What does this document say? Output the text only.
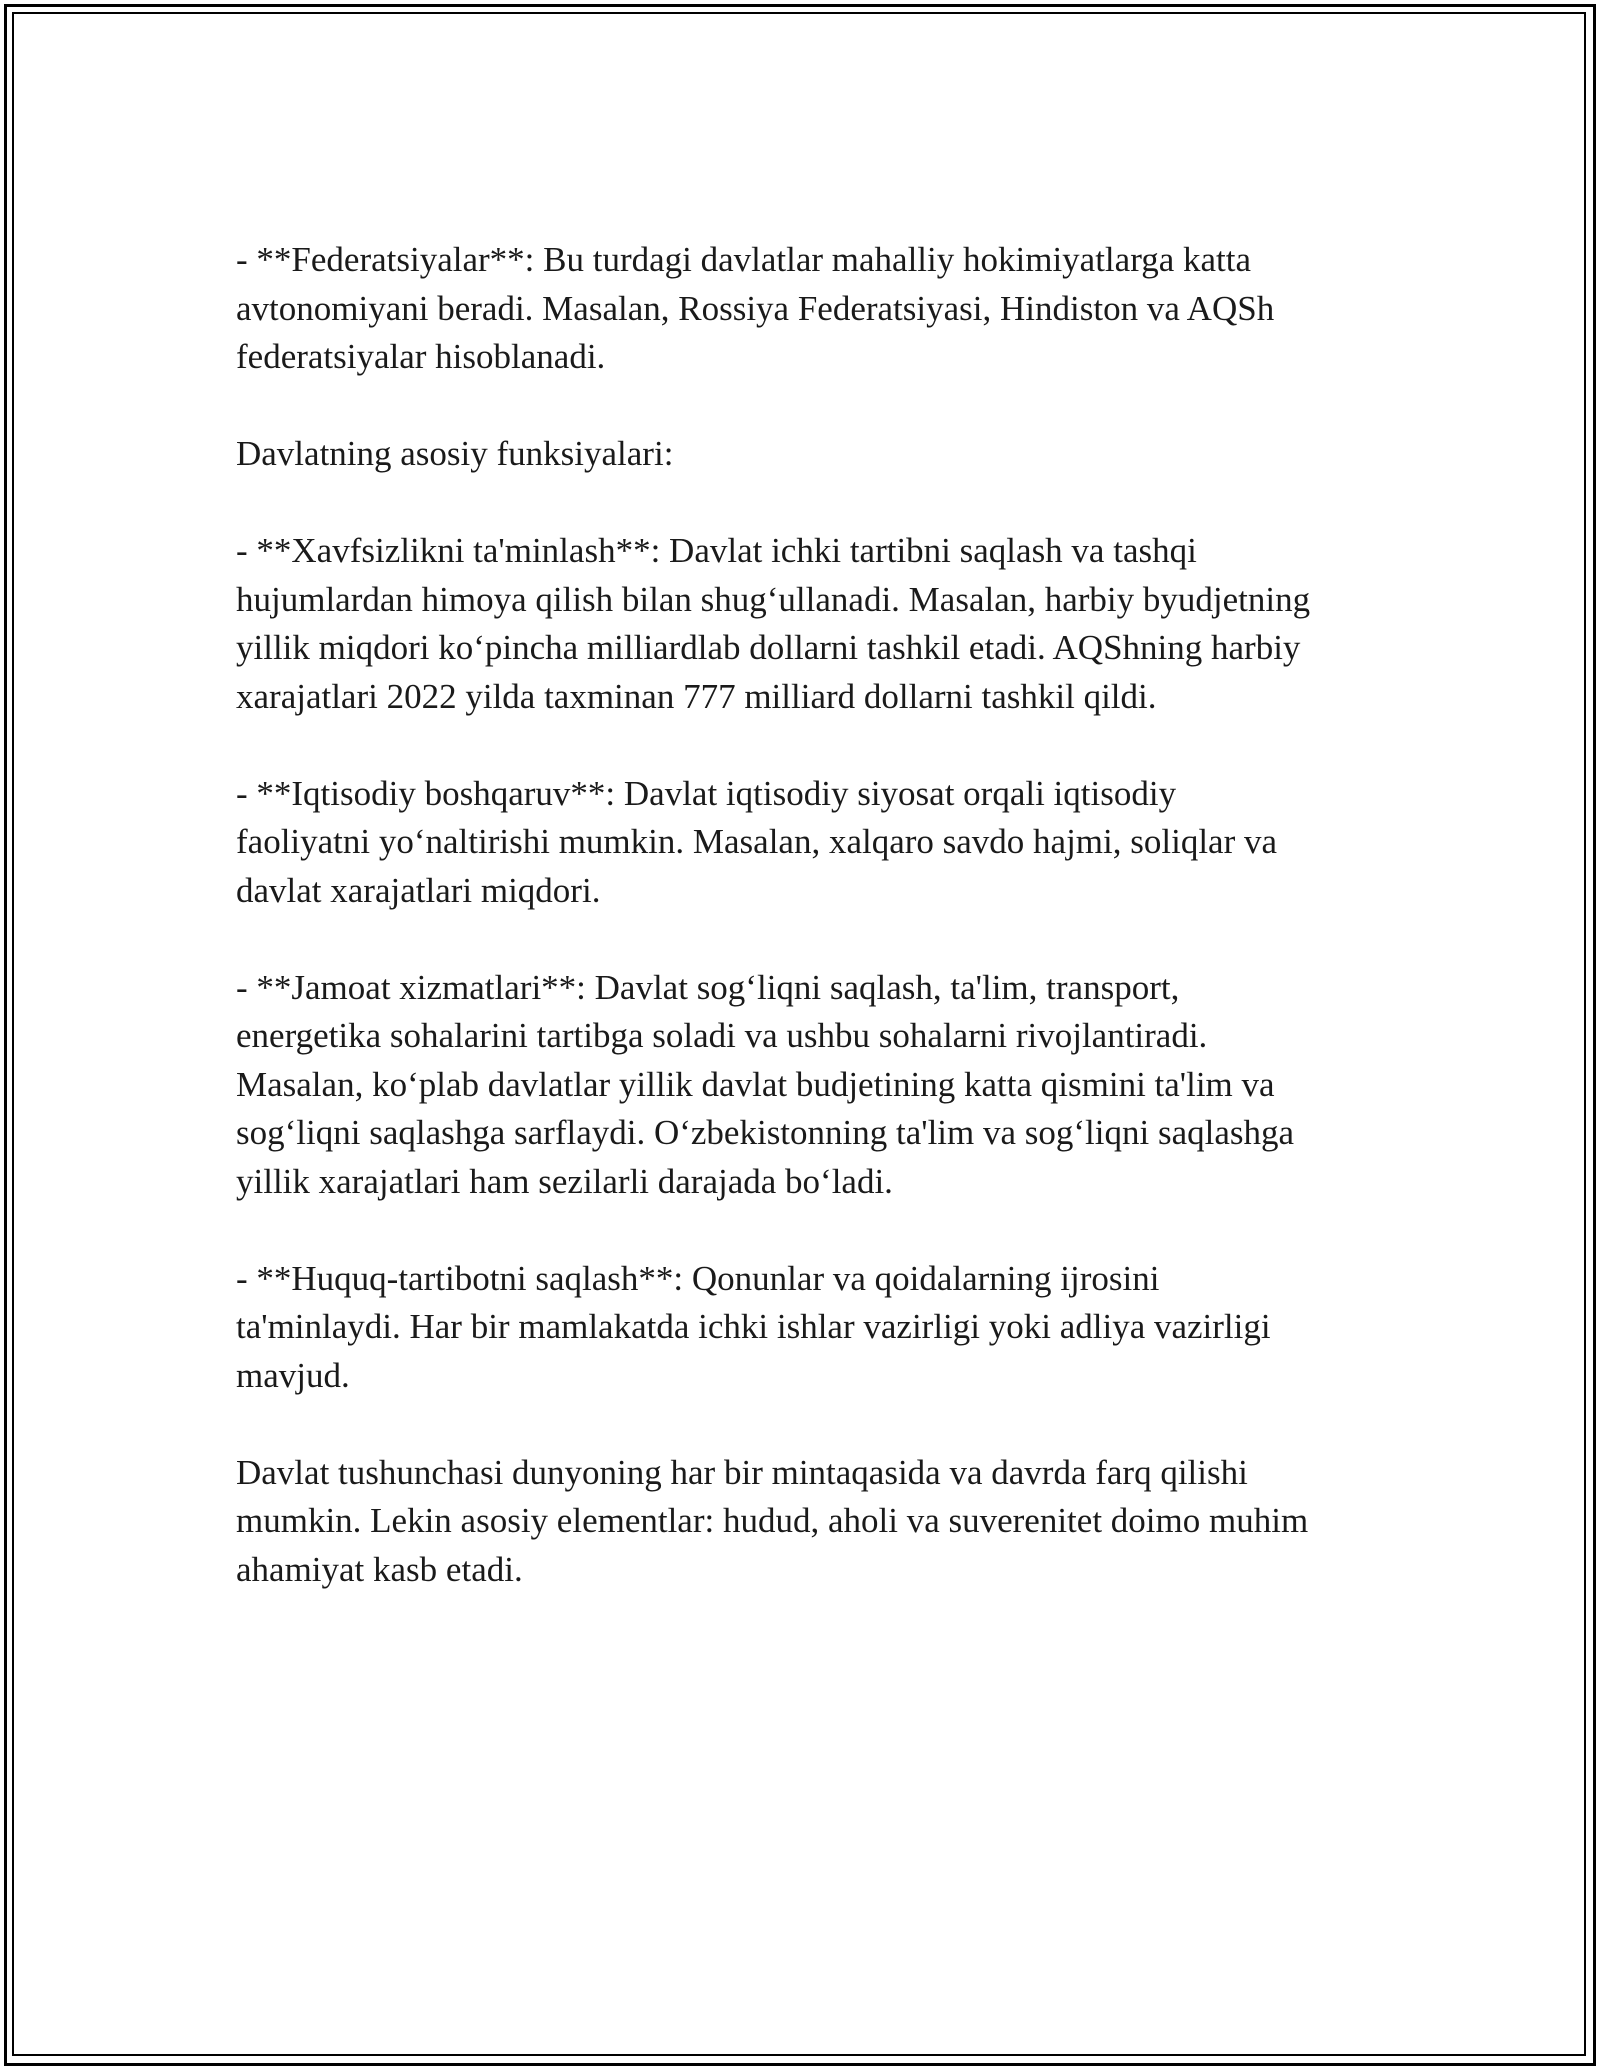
- **Federatsiyalar**: Bu turdagi davlatlar mahalliy hokimiyatlarga katta
avtonomiyani beradi. Masalan, Rossiya Federatsiyasi, Hindiston va AQSh
federatsiyalar hisoblanadi.

Davlatning asosiy funksiyalari:

- **Xavfsizlikni ta'minlash**: Davlat ichki tartibni saqlash va tashqi
hujumlardan himoya qilish bilan shug‘ullanadi. Masalan, harbiy byudjetning
yillik miqdori ko‘pincha milliardlab dollarni tashkil etadi. AQShning harbiy
xarajatlari 2022 yilda taxminan 777 milliard dollarni tashkil qildi.

- **Iqtisodiy boshqaruv**: Davlat iqtisodiy siyosat orqali iqtisodiy
faoliyatni yo‘naltirishi mumkin. Masalan, xalqaro savdo hajmi, soliqlar va
davlat xarajatlari miqdori.

- **Jamoat xizmatlari**: Davlat sog‘liqni saqlash, ta'lim, transport,
energetika sohalarini tartibga soladi va ushbu sohalarni rivojlantiradi.
Masalan, ko‘plab davlatlar yillik davlat budjetining katta qismini ta'lim va
sog‘liqni saqlashga sarflaydi. O‘zbekistonning ta'lim va sog‘liqni saqlashga
yillik xarajatlari ham sezilarli darajada bo‘ladi.

- **Huquq-tartibotni saqlash**: Qonunlar va qoidalarning ijrosini
ta'minlaydi. Har bir mamlakatda ichki ishlar vazirligi yoki adliya vazirligi
mavjud.

Davlat tushunchasi dunyoning har bir mintaqasida va davrda farq qilishi
mumkin. Lekin asosiy elementlar: hudud, aholi va suverenitet doimo muhim
ahamiyat kasb etadi.
